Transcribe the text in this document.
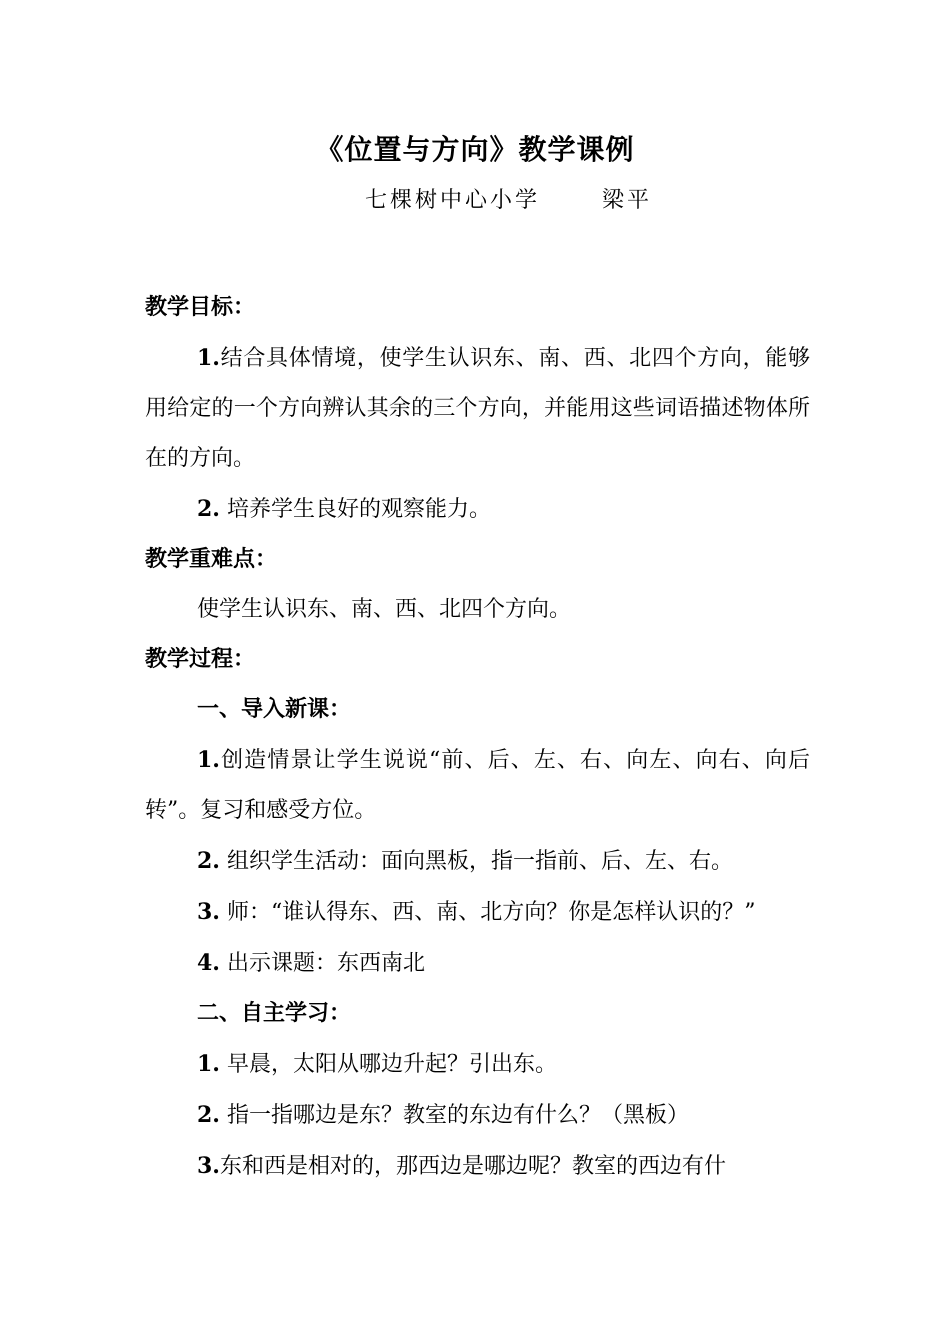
《位置与方向》教学课例
七棵树中心小学	梁平

教学目标：

1.结合具体情境，使学生认识东、南、西、北四个方向，能够用给定的一个方向辨认其余的三个方向，并能用这些词语描述物体所在的方向。

2. 培养学生良好的观察能力。

教学重难点：

使学生认识东、南、西、北四个方向。

教学过程：

一、导入新课：

1.创造情景让学生说说“前、后、左、右、向左、向右、向后转”。复习和感受方位。

2. 组织学生活动：面向黑板，指一指前、后、左、右。

3. 师：“谁认得东、西、南、北方向？你是怎样认识的？”

4. 出示课题：东西南北

二、自主学习：

1. 早晨，太阳从哪边升起？引出东。

2. 指一指哪边是东？教室的东边有什么？（黑板）

3.东和西是相对的，那西边是哪边呢？教室的西边有什
